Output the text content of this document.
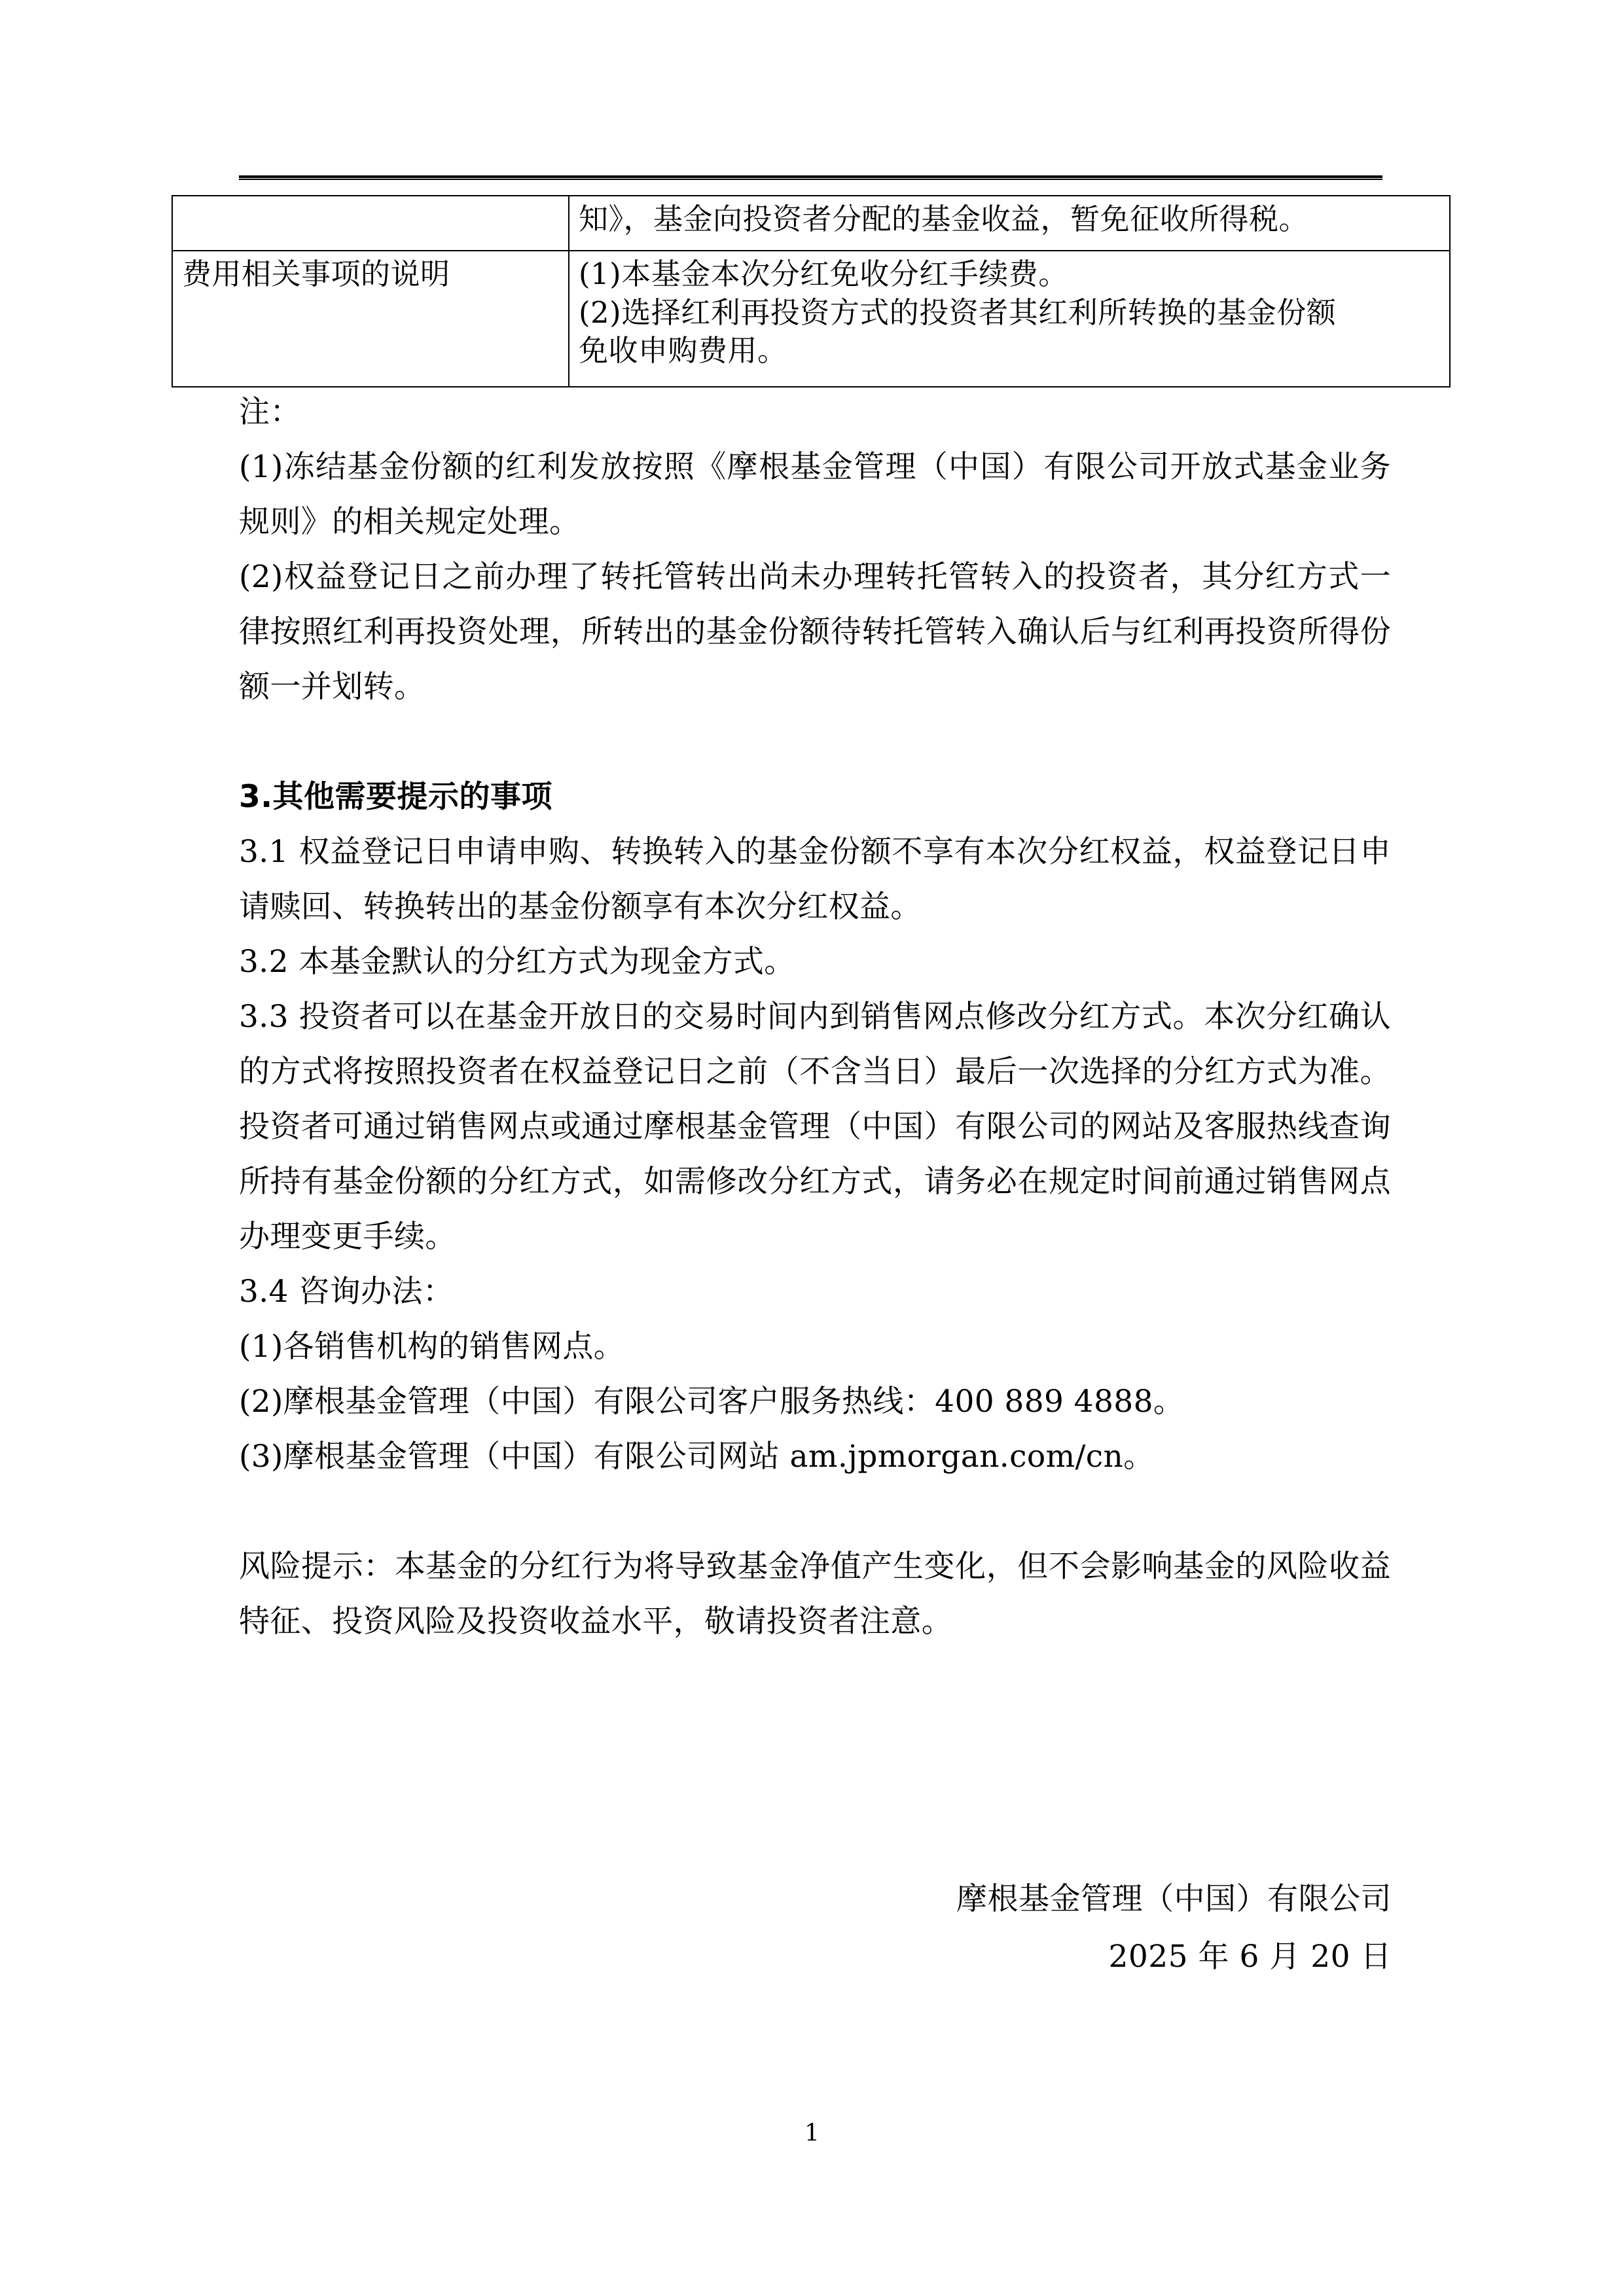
	知》，基金向投资者分配的基金收益，暂免征收所得税。

费用相关事项的说明	(1)本基金本次分红免收分红手续费。
(2)选择红利再投资方式的投资者其红利所转换的基金份额
免收申购费用。

注：

(1)冻结基金份额的红利发放按照《摩根基金管理（中国）有限公司开放式基金业务规则》的相关规定处理。

(2)权益登记日之前办理了转托管转出尚未办理转托管转入的投资者，其分红方式一律按照红利再投资处理，所转出的基金份额待转托管转入确认后与红利再投资所得份额一并划转。

3.其他需要提示的事项

3.1 权益登记日申请申购、转换转入的基金份额不享有本次分红权益，权益登记日申请赎回、转换转出的基金份额享有本次分红权益。

3.2 本基金默认的分红方式为现金方式。

3.3 投资者可以在基金开放日的交易时间内到销售网点修改分红方式。本次分红确认的方式将按照投资者在权益登记日之前（不含当日）最后一次选择的分红方式为准。投资者可通过销售网点或通过摩根基金管理（中国）有限公司的网站及客服热线查询所持有基金份额的分红方式，如需修改分红方式，请务必在规定时间前通过销售网点办理变更手续。

3.4 咨询办法：

(1)各销售机构的销售网点。

(2)摩根基金管理（中国）有限公司客户服务热线：400 889 4888。

(3)摩根基金管理（中国）有限公司网站 am.jpmorgan.com/cn。

风险提示：本基金的分红行为将导致基金净值产生变化，但不会影响基金的风险收益特征、投资风险及投资收益水平，敬请投资者注意。

摩根基金管理（中国）有限公司
2025 年 6 月 20 日
1
